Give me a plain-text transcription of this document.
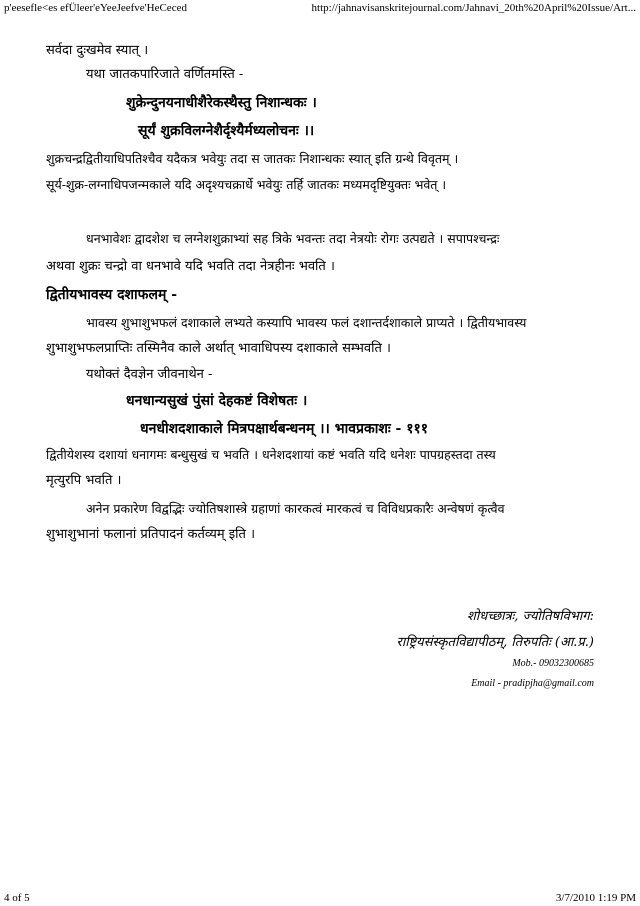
p'eesefle<es efÜleer'eYeeJeefve'HeCeced	http://jahnavisanskritejournal.com/Jahnavi_20th%20April%20Issue/Art...
सर्वदा दुःखमेव स्यात् ।
यथा जातकपारिजाते वर्णितमस्ति -
शुक्रेन्दुनयनाधीशैरेकस्थैस्तु निशान्धकः ।
सूर्यं शुक्रविलग्नेशैर्दृश्यैर्मध्यलोचनः ।।
शुक्रचन्द्रद्वितीयाधिपतिश्चैव यदैकत्र भवेयुः तदा स जातकः निशान्धकः स्यात् इति ग्रन्थे विवृतम् ।
सूर्य-शुक्र-लग्नाधिपजन्मकाले यदि अदृश्यचक्रार्धे भवेयुः तर्हि जातकः मध्यमदृष्टियुक्तः भवेत् ।
धनभावेशः द्वादशेश च लग्नेशशुक्राभ्यां सह त्रिके भवन्तः तदा नेत्रयोः रोगः उत्पद्यते । सपापश्चन्द्रः
अथवा शुक्रः चन्द्रो वा धनभावे यदि भवति तदा नेत्रहीनः भवति ।
द्वितीयभावस्य दशाफलम् -
भावस्य शुभाशुभफलं दशाकाले लभ्यते कस्यापि भावस्य फलं दशान्तर्दशाकाले प्राप्यते । द्वितीयभावस्य
शुभाशुभफलप्राप्तिः तस्मिनैव काले अर्थात् भावाधिपस्य दशाकाले सम्भवति ।
यथोक्तं दैवज्ञेन जीवनाथेन -
धनधान्यसुखं पुंसां देहकष्टं विशेषतः ।
धनधीशदशाकाले मित्रपक्षार्थबन्धनम् ।। भावप्रकाशः - १११
द्वितीयेशस्य दशायां धनागमः बन्धुसुखं च भवति । धनेशदशायां कष्टं भवति यदि धनेशः पापग्रहस्तदा तस्य
मृत्युरपि भवति ।
अनेन प्रकारेण विद्वद्भिः ज्योतिषशास्त्रे ग्रहाणां कारकत्वं मारकत्वं च विविधप्रकारैः अन्वेषणं कृत्वैव
शुभाशुभानां फलानां प्रतिपादनं कर्तव्यम् इति ।
शोधच्छात्रः, ज्योतिषविभाग:
राष्ट्रियसंस्कृतविद्यापीठम्, तिरुपतिः (आ.प्र.)
Mob.- 09032300685
Email - pradipjha@gmail.com
4 of 5	3/7/2010 1:19 PM
